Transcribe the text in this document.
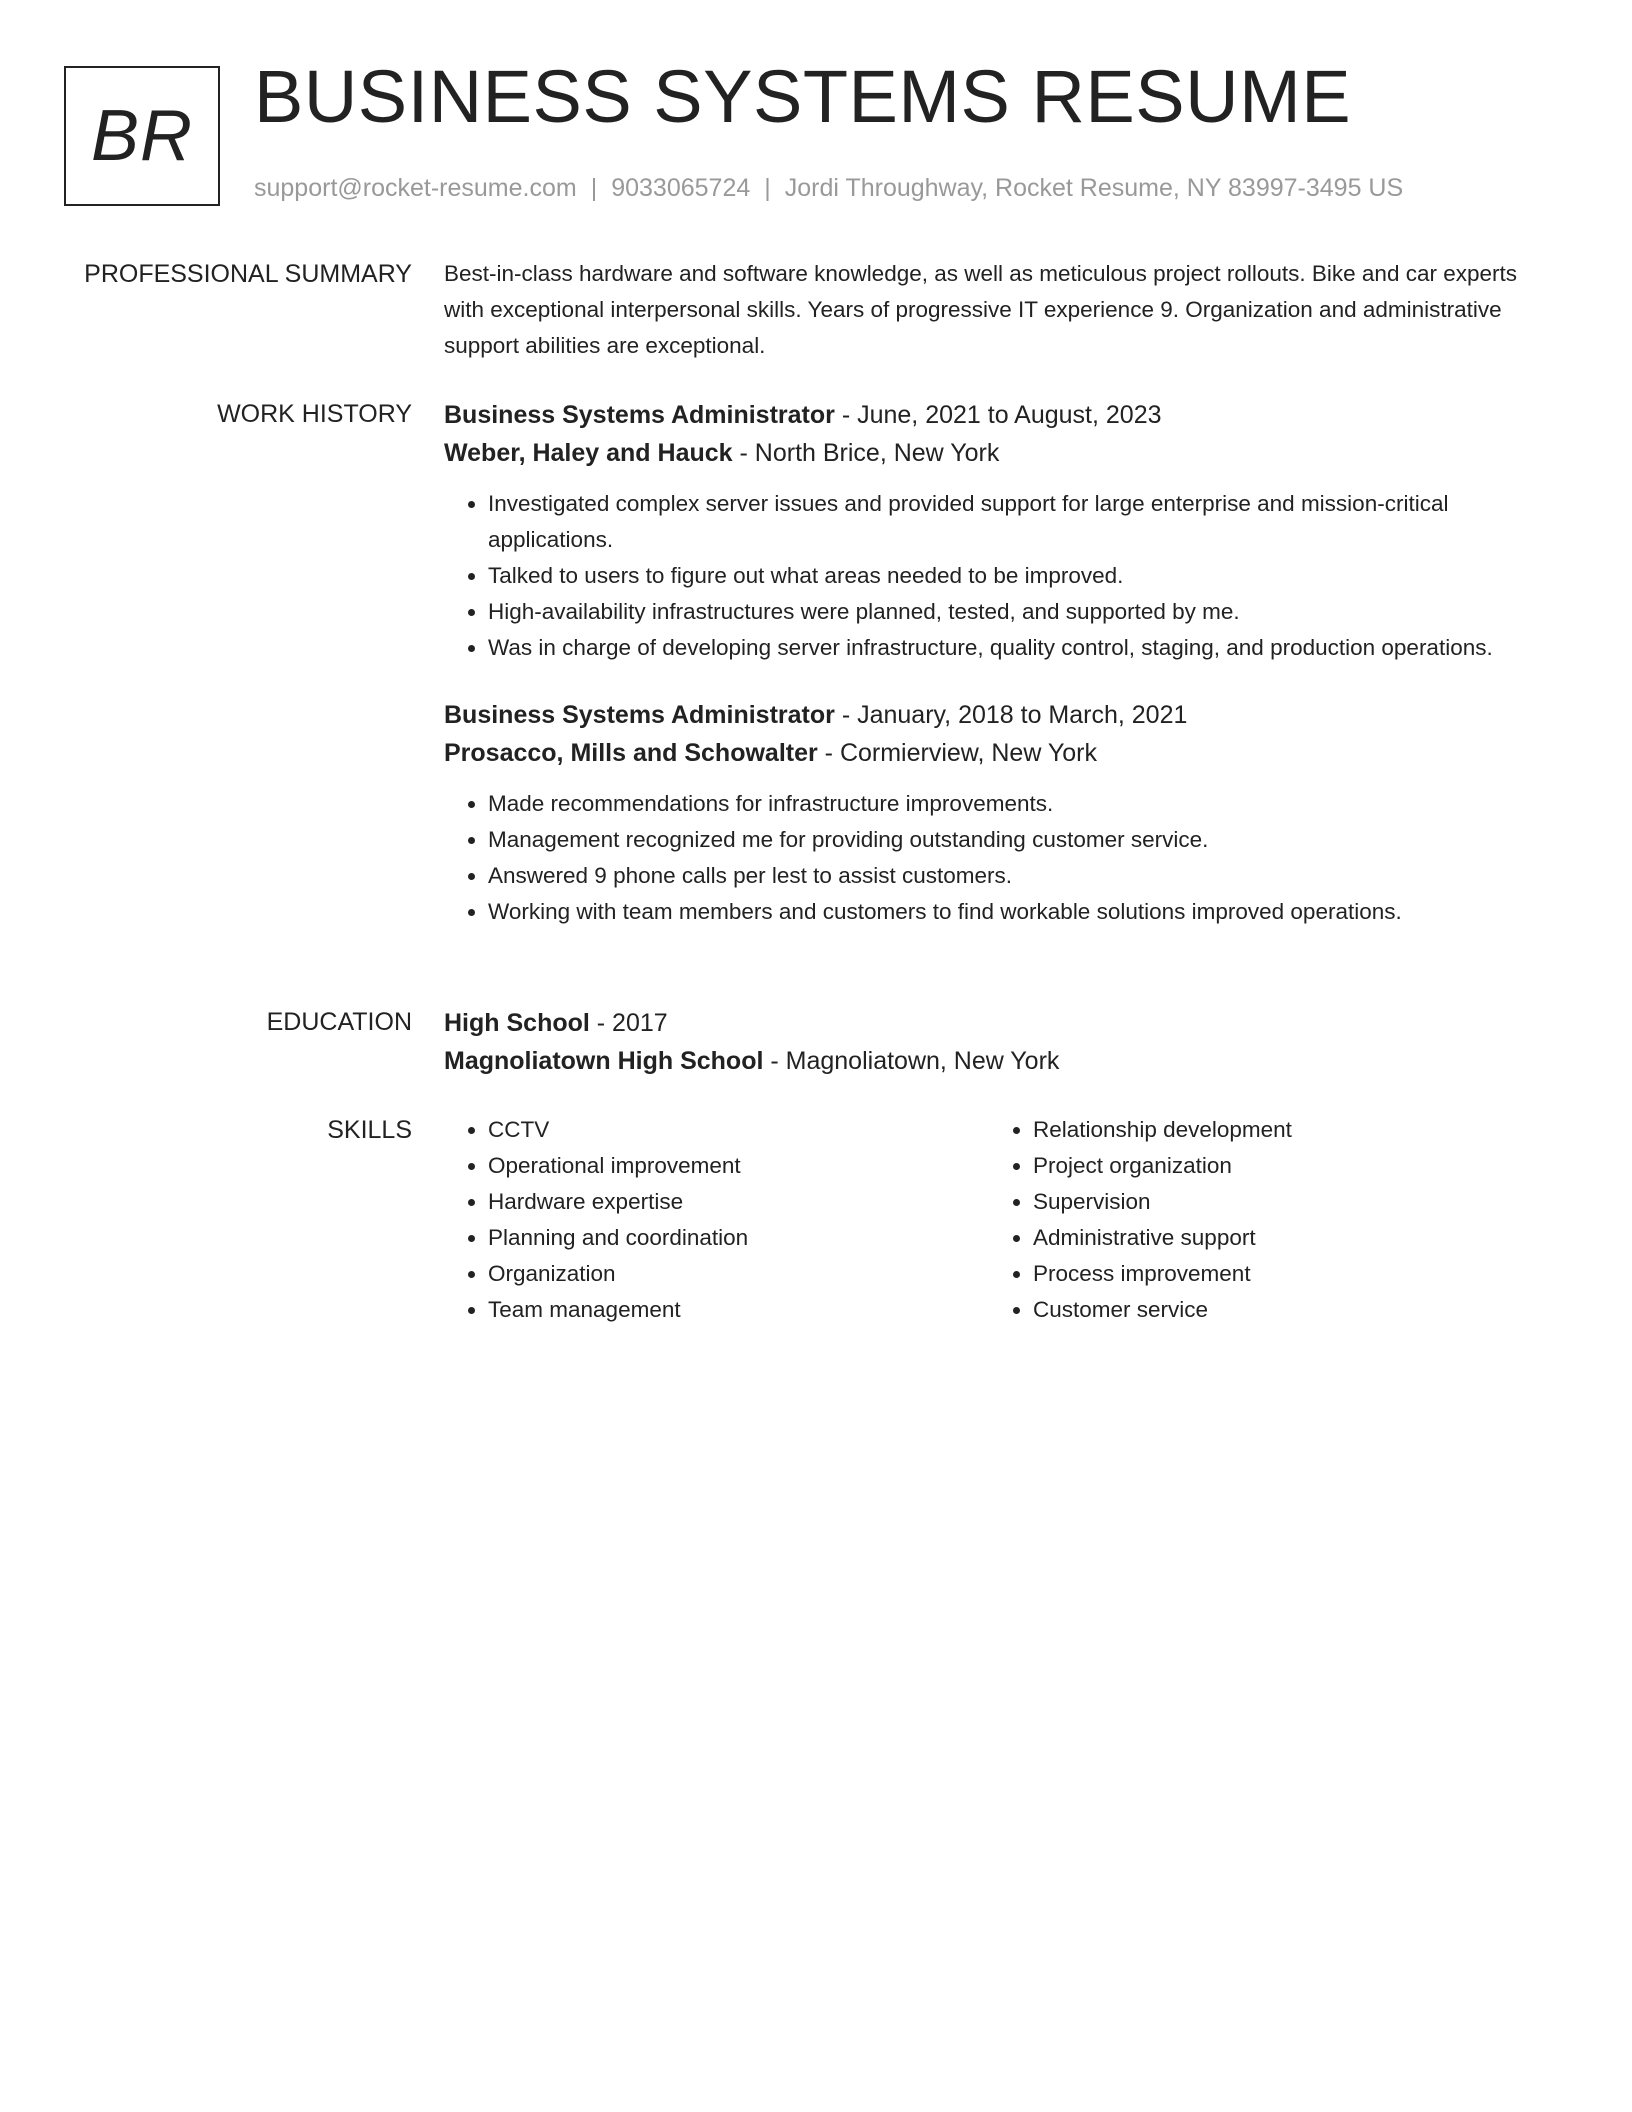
BR BUSINESS SYSTEMS RESUME
support@rocket-resume.com | 9033065724 | Jordi Throughway, Rocket Resume, NY 83997-3495 US
PROFESSIONAL SUMMARY Best-in-class hardware and software knowledge, as well as meticulous project rollouts. Bike and car experts with exceptional interpersonal skills. Years of progressive IT experience 9. Organization and administrative support abilities are exceptional.

WORK HISTORY Business Systems Administrator - June, 2021 to August, 2023
Weber, Haley and Hauck - North Brice, New York
• Investigated complex server issues and provided support for large enterprise and mission-critical applications.
• Talked to users to figure out what areas needed to be improved.
• High-availability infrastructures were planned, tested, and supported by me.
• Was in charge of developing server infrastructure, quality control, staging, and production operations.
Business Systems Administrator - January, 2018 to March, 2021
Prosacco, Mills and Schowalter - Cormierview, New York
• Made recommendations for infrastructure improvements.
• Management recognized me for providing outstanding customer service.
• Answered 9 phone calls per lest to assist customers.
• Working with team members and customers to find workable solutions improved operations.
EDUCATION High School - 2017
Magnoliatown High School - Magnoliatown, New York
SKILLS
•	CCTV
• Operational improvement
• Hardware expertise
• Planning and coordination
• Organization
• Team management
• Relationship development
• Project organization
• Supervision
• Administrative support
• Process improvement
• Customer service
